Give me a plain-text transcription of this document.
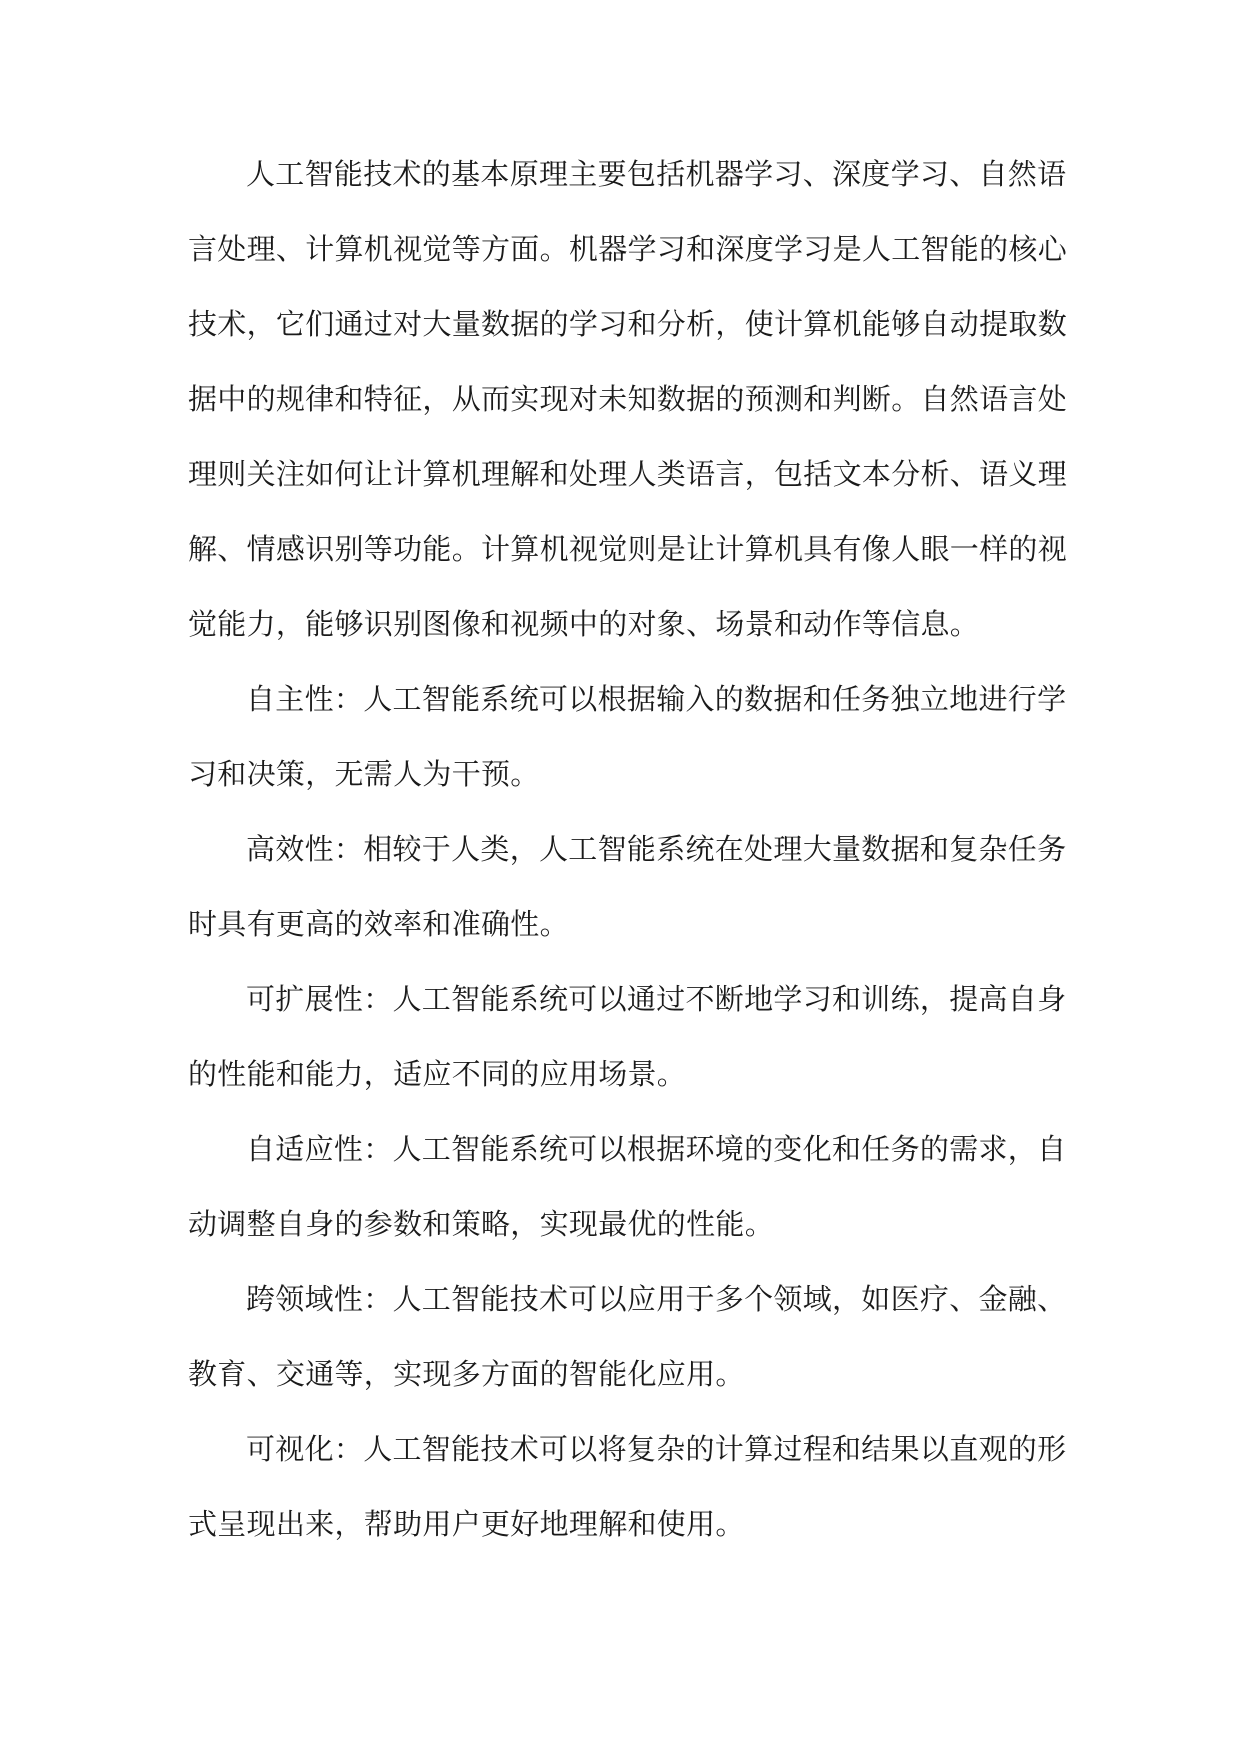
人工智能技术的基本原理主要包括机器学习、深度学习、自然语
言处理、计算机视觉等方面。机器学习和深度学习是人工智能的核心
技术，它们通过对大量数据的学习和分析，使计算机能够自动提取数
据中的规律和特征，从而实现对未知数据的预测和判断。自然语言处
理则关注如何让计算机理解和处理人类语言，包括文本分析、语义理
解、情感识别等功能。计算机视觉则是让计算机具有像人眼一样的视
觉能力，能够识别图像和视频中的对象、场景和动作等信息。
自主性：人工智能系统可以根据输入的数据和任务独立地进行学
习和决策，无需人为干预。
高效性：相较于人类，人工智能系统在处理大量数据和复杂任务
时具有更高的效率和准确性。
可扩展性：人工智能系统可以通过不断地学习和训练，提高自身
的性能和能力，适应不同的应用场景。
自适应性：人工智能系统可以根据环境的变化和任务的需求，自
动调整自身的参数和策略，实现最优的性能。
跨领域性：人工智能技术可以应用于多个领域，如医疗、金融、
教育、交通等，实现多方面的智能化应用。
可视化：人工智能技术可以将复杂的计算过程和结果以直观的形
式呈现出来，帮助用户更好地理解和使用。
